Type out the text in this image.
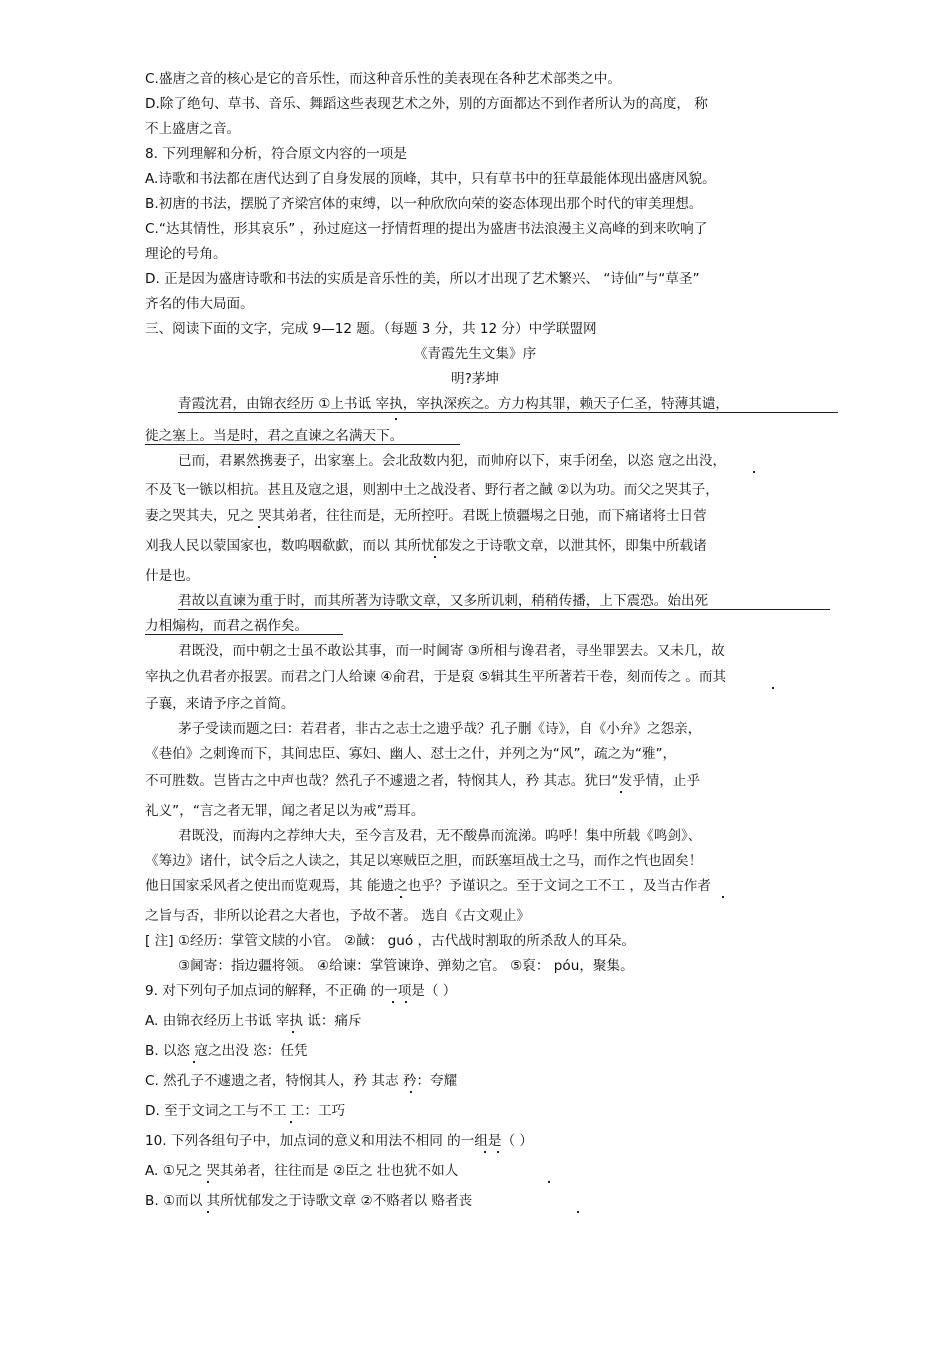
C.盛唐之音的核心是它的音乐性，而这种音乐性的美表现在各种艺术部类之中。
D.除了绝句、草书、音乐、舞蹈这些表现艺术之外，别的方面都达不到作者所认为的高度， 称
不上盛唐之音。
8. 下列理解和分析，符合原文内容的一项是
A.诗歌和书法都在唐代达到了自身发展的顶峰，其中，只有草书中的狂草最能体现出盛唐风貌。
B.初唐的书法，摆脱了齐梁宫体的束缚，以一种欣欣向荣的姿态体现出那个时代的审美理想。
C.“达其情性，形其哀乐” ，孙过庭这一抒情哲理的提出为盛唐书法浪漫主义高峰的到来吹响了
理论的号角。
D. 正是因为盛唐诗歌和书法的实质是音乐性的美，所以才出现了艺术繁兴、 “诗仙”与“草圣”
齐名的伟大局面。
三、阅读下面的文字，完成 9—12 题。（每题 3 分，共 12 分）中学联盟网
《青霞先生文集》序
明?茅坤
青霞沈君，由锦衣经历 ①上书诋 宰执，宰执深疾之。方力构其罪，赖天子仁圣，特薄其谴，
徙之塞上。当是时，君之直谏之名满天下。
已而，君累然携妻子，出家塞上。会北敌数内犯，而帅府以下，束手闭垒，以恣 寇之出没，
不及飞一镞以相抗。甚且及寇之退，则割中土之战没者、野行者之馘 ②以为功。而父之哭其子，
妻之哭其夫，兄之 哭其弟者，往往而是，无所控吁。君既上愤疆埸之日弛，而下痛诸将士日菅
刈我人民以蒙国家也，数呜咽欷歔，而以 其所忧郁发之于诗歌文章，以泄其怀，即集中所载诸
什是也。
君故以直谏为重于时，而其所著为诗歌文章，又多所讥刺，稍稍传播，上下震恐。始出死
力相煽构，而君之祸作矣。
君既没，而中朝之士虽不敢讼其事，而一时阃寄 ③所相与谗君者，寻坐罪罢去。又未几，故
宰执之仇君者亦报罢。而君之门人给谏 ④俞君，于是裒 ⑤辑其生平所著若干卷，刻而传之 。而其
子襄，来请予序之首简。
茅子受读而题之曰：若君者，非古之志士之遗乎哉？孔子删《诗》，自《小弁》之怨亲，
《巷伯》之刺谗而下，其间忠臣、寡妇、幽人、怼士之什，并列之为“风”，疏之为“雅”，
不可胜数。岂皆古之中声也哉？然孔子不遽遗之者，特悯其人，矜 其志。犹曰“发乎情，止乎
礼义”，“言之者无罪，闻之者足以为戒”焉耳。
君既没，而海内之荐绅大夫，至今言及君，无不酸鼻而流涕。呜呼！集中所载《鸣剑》、
《筹边》诸什，试令后之人读之，其足以寒贼臣之胆，而跃塞垣战士之马，而作之忾也固矣！
他日国家采风者之使出而览观焉，其 能遗之也乎？予谨识之。至于文词之工不工 ，及当古作者
之旨与否，非所以论君之大者也，予故不著。 选自《古文观止》
[ 注] ①经历：掌管文牍的小官。 ②馘： guó ，古代战时割取的所杀敌人的耳朵。
③阃寄：指边疆将领。 ④给谏：掌管谏诤、弹劾之官。 ⑤裒： póu，聚集。
9. 对下列句子加点词的解释，不正确 的一项是（ ）
A. 由锦衣经历上书诋 宰执 诋：痛斥
B. 以恣 寇之出没 恣：任凭
C. 然孔子不遽遗之者，特悯其人，矜 其志 矜：夸耀
D. 至于文词之工与不工 工：工巧
10. 下列各组句子中，加点词的意义和用法不相同 的一组是（ ）
A. ①兄之 哭其弟者，往往而是 ②臣之 壮也犹不如人
B. ①而以 其所忧郁发之于诗歌文章 ②不赂者以 赂者丧
